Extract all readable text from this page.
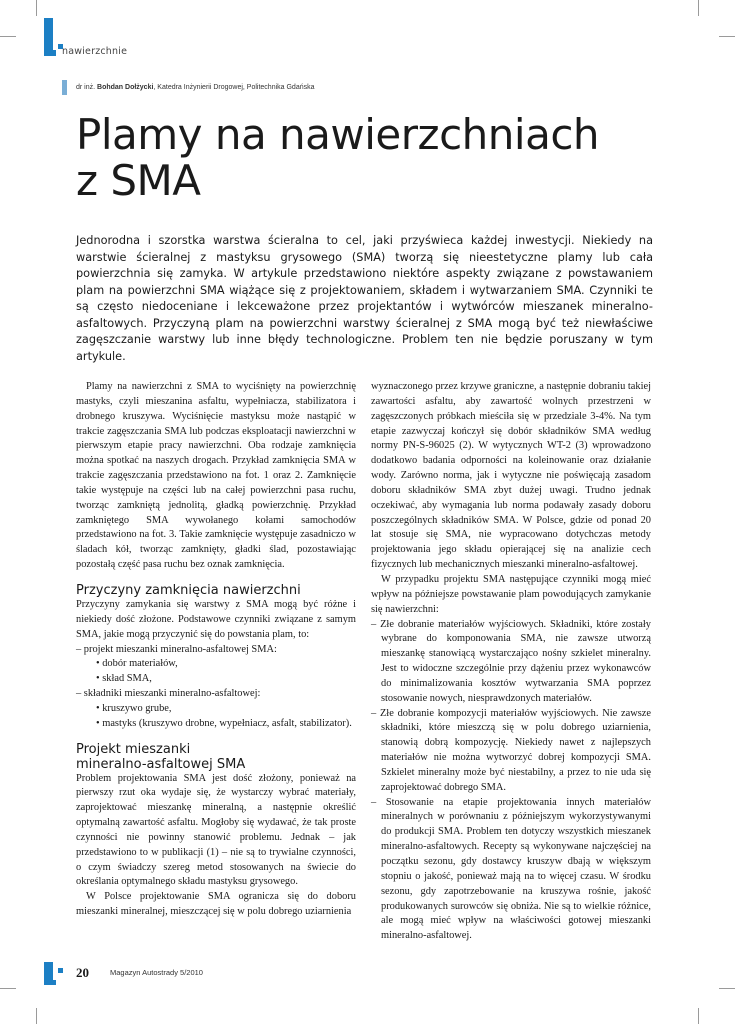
nawierzchnie
dr inż. Bohdan Dołżycki, Katedra Inżynierii Drogowej, Politechnika Gdańska
Plamy na nawierzchniach
z SMA

Jednorodna i szorstka warstwa ścieralna to cel, jaki przyświeca każdej inwestycji. Niekiedy na warstwie ścieralnej z mastyksu grysowego (SMA) tworzą się nieestetyczne plamy lub cała powierzchnia się zamyka. W artykule przedstawiono niektóre aspekty związane z powstawaniem plam na powierzchni SMA wiążące się z projektowaniem, składem i wytwarzaniem SMA. Czynniki te są często niedoceniane i lekceważone przez projektantów i wytwórców mieszanek mineralno-asfaltowych. Przyczyną plam na powierzchni warstwy ścieralnej z SMA mogą być też niewłaściwe zagęszczanie warstwy lub inne błędy technologiczne. Problem ten nie będzie poruszany w tym artykule.

Plamy na nawierzchni z SMA to wyciśnięty na powierzchnię mastyks, czyli mieszanina asfaltu, wypełniacza, stabilizatora i drobnego kruszywa. Wyciśnięcie mastyksu może nastąpić w trakcie zagęszczania SMA lub podczas eksploatacji nawierzchni w pierwszym etapie pracy nawierzchni. Oba rodzaje zamknięcia można spotkać na naszych drogach. Przykład zamknięcia SMA w trakcie zagęszczania przedstawiono na fot. 1 oraz 2. Zamknięcie takie występuje na części lub na całej powierzchni pasa ruchu, tworząc zamkniętą jednolitą, gładką powierzchnię. Przykład zamkniętego SMA wywołanego kołami samochodów przedstawiono na fot. 3. Takie zamknięcie występuje zasadniczo w śladach kół, tworząc zamknięty, gładki ślad, pozostawiając pozostałą część pasa ruchu bez oznak zamknięcia.

Przyczyny zamknięcia nawierzchni

Przyczyny zamykania się warstwy z SMA mogą być różne i niekiedy dość złożone. Podstawowe czynniki związane z samym SMA, jakie mogą przyczynić się do powstania plam, to:

– projekt mieszanki mineralno-asfaltowej SMA:
• dobór materiałów,
• skład SMA,
– składniki mieszanki mineralno-asfaltowej:
• kruszywo grube,
• mastyks (kruszywo drobne, wypełniacz, asfalt, stabilizator).
Projekt mieszanki
mineralno-asfaltowej SMA

Problem projektowania SMA jest dość złożony, ponieważ na pierwszy rzut oka wydaje się, że wystarczy wybrać materiały, zaprojektować mieszankę mineralną, a następnie określić optymalną zawartość asfaltu. Mogłoby się wydawać, że tak proste czynności nie powinny stanowić problemu. Jednak – jak przedstawiono to w publikacji (1) – nie są to trywialne czynności, o czym świadczy szereg metod stosowanych na świecie do określania optymalnego składu mastyksu grysowego.

W Polsce projektowanie SMA ogranicza się do doboru mieszanki mineralnej, mieszczącej się w polu dobrego uziarnienia

wyznaczonego przez krzywe graniczne, a następnie dobraniu takiej zawartości asfaltu, aby zawartość wolnych przestrzeni w zagęszczonych próbkach mieściła się w przedziale 3-4%. Na tym etapie zazwyczaj kończył się dobór składników SMA według normy PN-S-96025 (2). W wytycznych WT-2 (3) wprowadzono dodatkowo badania odporności na koleinowanie oraz działanie wody. Zarówno norma, jak i wytyczne nie poświęcają zasadom doboru składników SMA zbyt dużej uwagi. Trudno jednak oczekiwać, aby wymagania lub norma podawały zasady doboru poszczególnych składników SMA. W Polsce, gdzie od ponad 20 lat stosuje się SMA, nie wypracowano dotychczas metody projektowania jego składu opierającej się na analizie cech fizycznych lub mechanicznych mieszanki mineralno-asfaltowej.

W przypadku projektu SMA następujące czynniki mogą mieć wpływ na późniejsze powstawanie plam powodujących zamykanie się nawierzchni:

– Złe dobranie materiałów wyjściowych. Składniki, które zostały wybrane do komponowania SMA, nie zawsze utworzą mieszankę stanowiącą wystarczająco nośny szkielet mineralny. Jest to widoczne szczególnie przy dążeniu przez wykonawców do minimalizowania kosztów wytwarzania SMA poprzez stosowanie nowych, niesprawdzonych materiałów.
– Złe dobranie kompozycji materiałów wyjściowych. Nie zawsze składniki, które mieszczą się w polu dobrego uziarnienia, stanowią dobrą kompozycję. Niekiedy nawet z najlepszych materiałów nie można wytworzyć dobrej kompozycji SMA. Szkielet mineralny może być niestabilny, a przez to nie uda się zaprojektować dobrego SMA.
– Stosowanie na etapie projektowania innych materiałów mineralnych w porównaniu z późniejszym wykorzystywanymi do produkcji SMA. Problem ten dotyczy wszystkich mieszanek mineralno-asfaltowych. Recepty są wykonywane najczęściej na początku sezonu, gdy dostawcy kruszyw dbają w większym stopniu o jakość, ponieważ mają na to więcej czasu. W środku sezonu, gdy zapotrzebowanie na kruszywa rośnie, jakość produkowanych surowców się obniża. Nie są to wielkie różnice, ale mogą mieć wpływ na właściwości gotowej mieszanki mineralno-asfaltowej.
20	Magazyn Autostrady 5/2010
